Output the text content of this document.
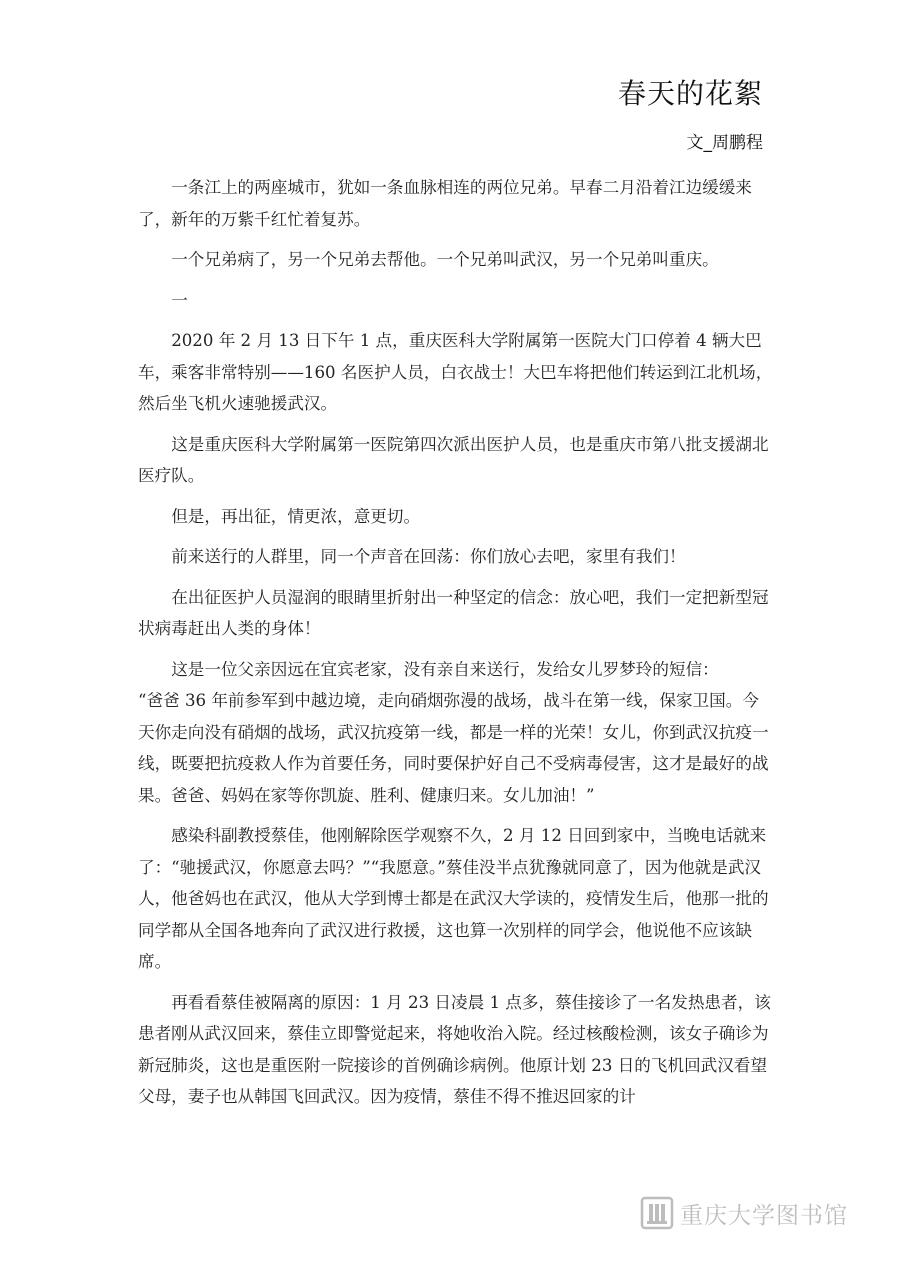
春天的花絮
文_周鹏程

一条江上的两座城市，犹如一条血脉相连的两位兄弟。早春二月沿着江边缓缓来了，新年的万紫千红忙着复苏。

一个兄弟病了，另一个兄弟去帮他。一个兄弟叫武汉，另一个兄弟叫重庆。

一

2020 年 2 月 13 日下午 1 点，重庆医科大学附属第一医院大门口停着 4 辆大巴车，乘客非常特别——160 名医护人员，白衣战士！大巴车将把他们转运到江北机场，然后坐飞机火速驰援武汉。

这是重庆医科大学附属第一医院第四次派出医护人员，也是重庆市第八批支援湖北医疗队。

但是，再出征，情更浓，意更切。

前来送行的人群里，同一个声音在回荡：你们放心去吧，家里有我们！

在出征医护人员湿润的眼睛里折射出一种坚定的信念：放心吧，我们一定把新型冠状病毒赶出人类的身体！

这是一位父亲因远在宜宾老家，没有亲自来送行，发给女儿罗梦玲的短信：

“爸爸 36 年前参军到中越边境，走向硝烟弥漫的战场，战斗在第一线，保家卫国。今天你走向没有硝烟的战场，武汉抗疫第一线，都是一样的光荣！女儿，你到武汉抗疫一线，既要把抗疫救人作为首要任务，同时要保护好自己不受病毒侵害，这才是最好的战果。爸爸、妈妈在家等你凯旋、胜利、健康归来。女儿加油！”

感染科副教授蔡佳，他刚解除医学观察不久，2 月 12 日回到家中，当晚电话就来了：“驰援武汉，你愿意去吗？”“我愿意。”蔡佳没半点犹豫就同意了，因为他就是武汉人，他爸妈也在武汉，他从大学到博士都是在武汉大学读的，疫情发生后，他那一批的同学都从全国各地奔向了武汉进行救援，这也算一次别样的同学会，他说他不应该缺席。

再看看蔡佳被隔离的原因：1 月 23 日凌晨 1 点多，蔡佳接诊了一名发热患者，该患者刚从武汉回来，蔡佳立即警觉起来，将她收治入院。经过核酸检测，该女子确诊为新冠肺炎，这也是重医附一院接诊的首例确诊病例。他原计划 23 日的飞机回武汉看望父母，妻子也从韩国飞回武汉。因为疫情，蔡佳不得不推迟回家的计

重庆大学图书馆
